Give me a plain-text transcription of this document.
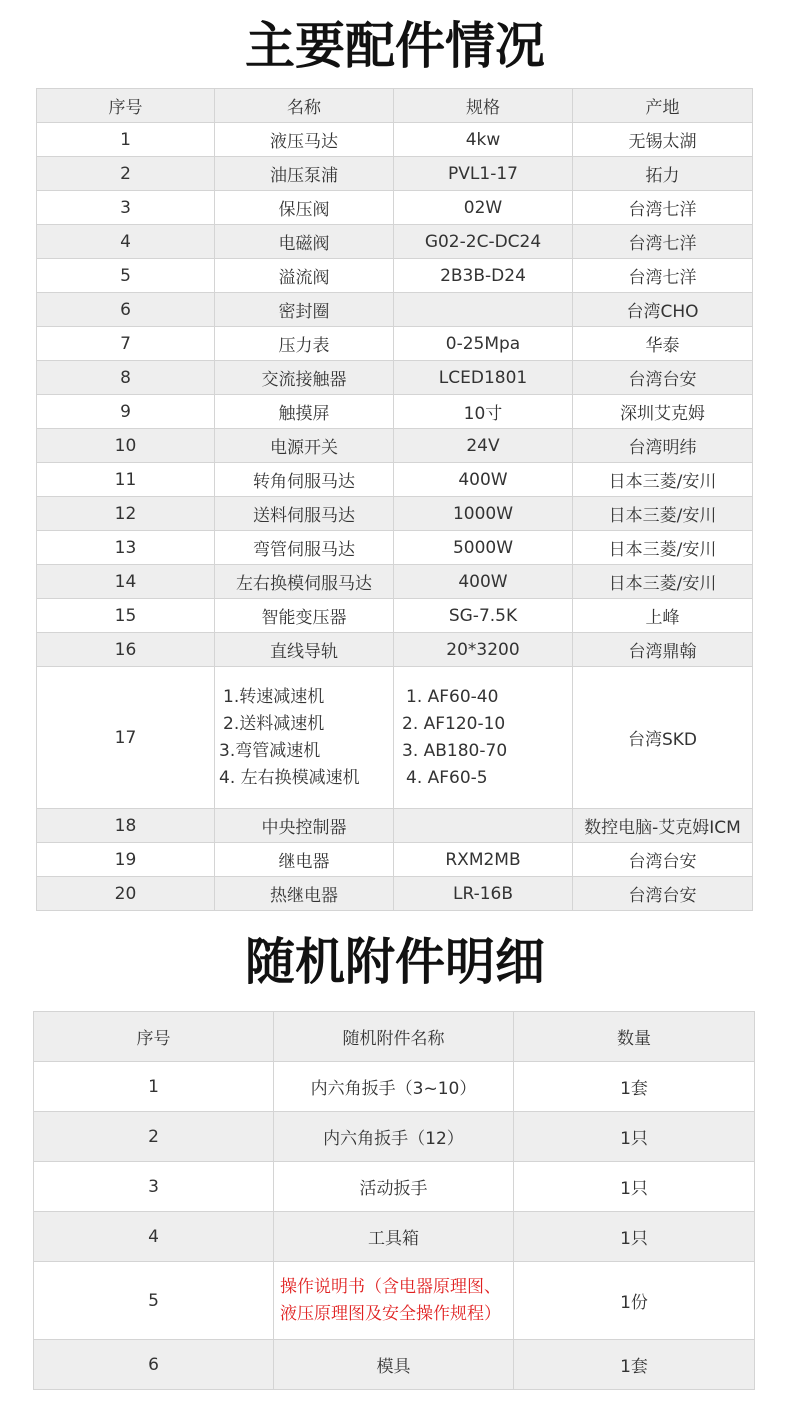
主要配件情况
序号	名称	规格	产地
1	液压马达	4kw	无锡太湖
2	油压泵浦	PVL1-17	拓力
3	保压阀	02W	台湾七洋
4	电磁阀	G02-2C-DC24	台湾七洋
5	溢流阀	2B3B-D24	台湾七洋
6	密封圈		台湾CHO
7	压力表	0-25Mpa	华泰
8	交流接触器	LCED1801	台湾台安
9	触摸屏	10寸	深圳艾克姆
10	电源开关	24V	台湾明纬
11	转角伺服马达	400W	日本三菱/安川
12	送料伺服马达	1000W	日本三菱/安川
13	弯管伺服马达	5000W	日本三菱/安川
14	左右换模伺服马达	400W	日本三菱/安川
15	智能变压器	SG-7.5K	上峰
16	直线导轨	20*3200	台湾鼎翰
17	1.转速减速机
2.送料减速机
3.弯管减速机
4. 左右换模减速机	1. AF60-40
2. AF120-10
3. AB180-70
4. AF60-5	台湾SKD
18	中央控制器		数控电脑-艾克姆ICM
19	继电器	RXM2MB	台湾台安
20	热继电器	LR-16B	台湾台安
随机附件明细
序号	随机附件名称	数量
1	内六角扳手（3~10）	1套
2	内六角扳手（12）	1只
3	活动扳手	1只
4	工具箱	1只
5	操作说明书（含电器原理图、液压原理图及安全操作规程）	1份
6	模具	1套
